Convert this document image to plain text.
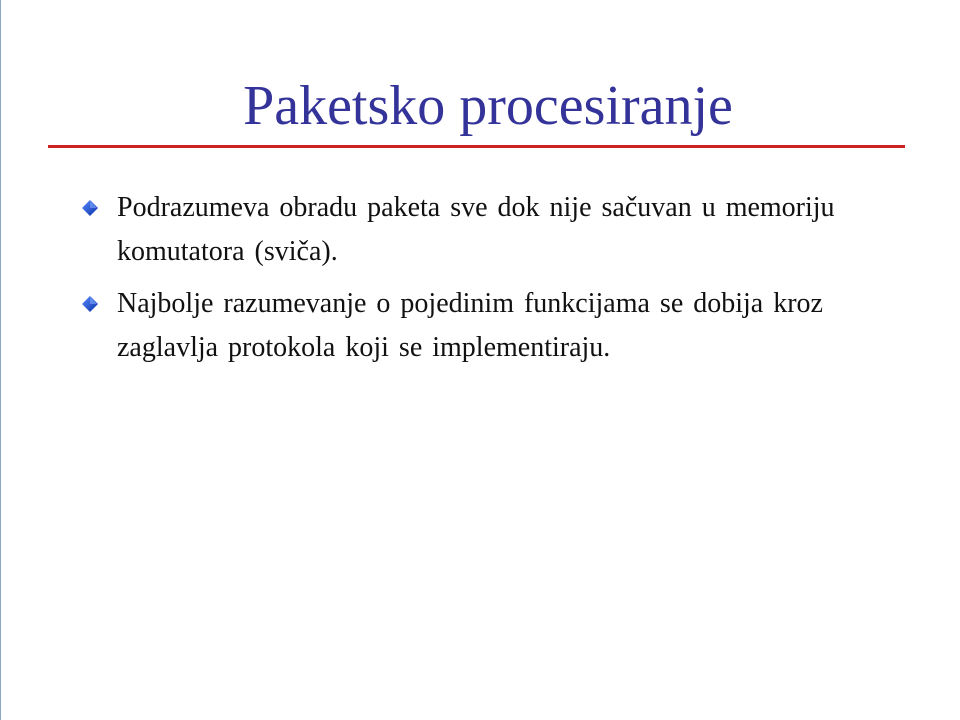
Paketsko procesiranje
Podrazumeva obradu paketa sve dok nije sačuvan u memoriju komutatora (sviča).
Najbolje razumevanje o pojedinim funkcijama se dobija kroz zaglavlja protokola koji se implementiraju.
